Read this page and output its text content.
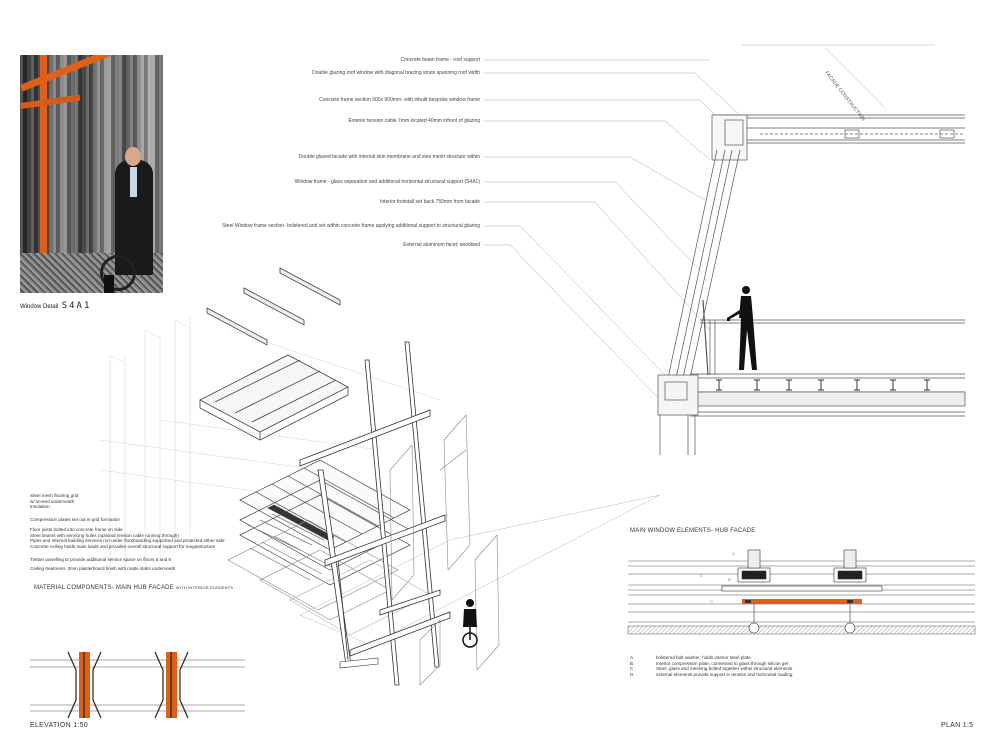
Window Detail S4A1
Concrete beam frame - roof support
Double glazing roof window with diagonal bracing struts spanning roof width
Concrete frame section 900x 900mm- with inbuilt bespoke window frame
Exterior tension cable 7mm located 40mm infront of glazing
Double glazed facade with internal skin membrane and stee mesh structure within
Window frame - glass separation and additional horizontal structural support (S4A1)
Interior footstall set back 750mm from facade
Steel Window frame section- bolstered and set within concrete frame applying additional support to structural glazing
External aluminum facet; anodised
FACADE CONSTRUCTION
Steel mesh flooring grid
w/ screed underneath
Insulation
Compression plates set out in grid formation
Floor joists bolted into concrete frame on side
Steel beams with servicing holes (optional tension cable running through)
Pipes and internal building services run under floorboarding supported and protected either side
Concrete ceiling holds main loads and provides overall structural support for megastructure
Timber panelling to provide additional service space on floors 5 and 5
Ceiling treatment- 3mm plasterboard finish with matte slabs underneath
MATERIAL COMPONENTS- MAIN HUB FACADE WITH INTERIOR ELEMENTS
MAIN WINDOW ELEMENTS- HUB FACADE
A
B
C
D
A	bolstered bolt washer; holds interior steel plate
B	Interior compression plate, connected to glass through silicon gel
C	Steel, glass and meshing bolted together within structural elements
D	external elements provide support in tension and horizontal loading
ELEVATION 1:50	PLAN 1:5
